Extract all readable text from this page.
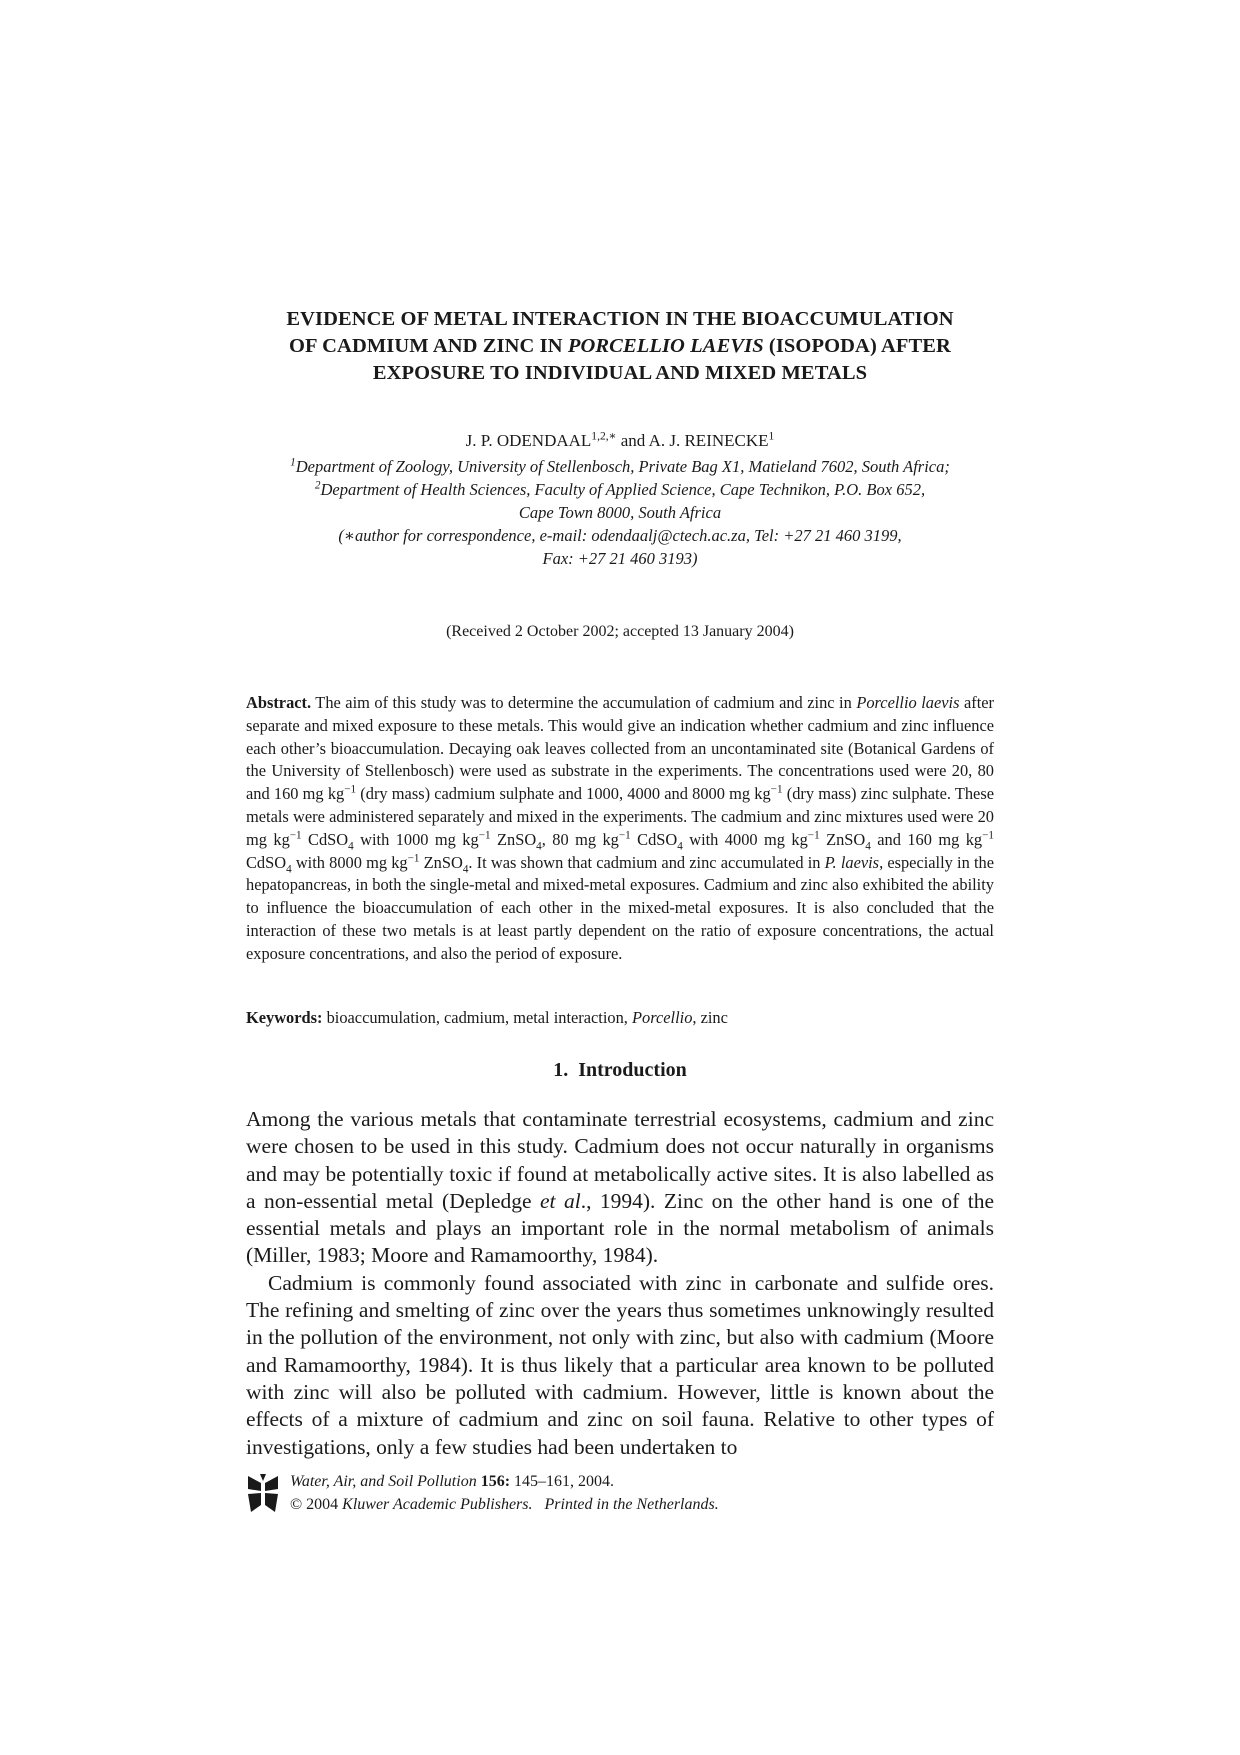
EVIDENCE OF METAL INTERACTION IN THE BIOACCUMULATION
OF CADMIUM AND ZINC IN PORCELLIO LAEVIS (ISOPODA) AFTER
EXPOSURE TO INDIVIDUAL AND MIXED METALS
J. P. $ODENDAAL^{1,2,∗}$ and A. J. REINECKE$^1$
$^1$Department of Zoology, University of Stellenbosch, Private Bag X1, Matieland 7602, South Africa;
$^2$Department of Health Sciences, Faculty of Applied Science, Cape Technikon, P.O. Box 652,
Cape Town 8000, South Africa
(∗author for correspondence, e-mail: odendaalj@ctech.ac.za, Tel: +27 21 460 3199,
Fax: +27 21 460 3193)
(Received 2 October 2002; accepted 13 January 2004)
Abstract. The aim of this study was to determine the accumulation of cadmium and zinc in Porcellio laevis after separate and mixed exposure to these metals. This would give an indication whether cadmium and zinc influence each other’s bioaccumulation. Decaying oak leaves collected from an uncontaminated site (Botanical Gardens of the University of Stellenbosch) were used as substrate in the experiments. The concentrations used were 20, 80 and 160 mg $kg^{-1}$ (dry mass) cadmium sulphate and 1000, 4000 and 8000 mg $kg^{-1}$ (dry mass) zinc sulphate. These metals were administered separately and mixed in the experiments. The cadmium and zinc mixtures used were 20 mg $kg^{-1}$ CdSO$_4$ with 1000 mg $kg^{-1}$ ZnSO$_4$, 80 mg $kg^{-1}$ CdSO$_4$ with 4000 mg $kg^{-1}$ ZnSO$_4$ and 160 mg $kg^{-1}$ CdSO$_4$ with 8000 mg $kg^{-1}$ ZnSO$_4$. It was shown that cadmium and zinc accumulated in P. laevis, especially in the hepatopancreas, in both the single-metal and mixed-metal exposures. Cadmium and zinc also exhibited the ability to influence the bioaccumulation of each other in the mixed-metal exposures. It is also concluded that the interaction of these two metals is at least partly dependent on the ratio of exposure concentrations, the actual exposure concentrations, and also the period of exposure.
Keywords: bioaccumulation, cadmium, metal interaction, Porcellio, zinc
1. Introduction

Among the various metals that contaminate terrestrial ecosystems, cadmium and zinc were chosen to be used in this study. Cadmium does not occur naturally in organisms and may be potentially toxic if found at metabolically active sites. It is also labelled as a non-essential metal (Depledge et al., 1994). Zinc on the other hand is one of the essential metals and plays an important role in the normal metabolism of animals (Miller, 1983; Moore and Ramamoorthy, 1984).

Cadmium is commonly found associated with zinc in carbonate and sulfide ores. The refining and smelting of zinc over the years thus sometimes unknowingly resulted in the pollution of the environment, not only with zinc, but also with cadmium (Moore and Ramamoorthy, 1984). It is thus likely that a particular area known to be polluted with zinc will also be polluted with cadmium. However, little is known about the effects of a mixture of cadmium and zinc on soil fauna. Relative to other types of investigations, only a few studies had been undertaken to

Water, Air, and Soil Pollution 156: 145–161, 2004.
© 2004 Kluwer Academic Publishers. Printed in the Netherlands.
